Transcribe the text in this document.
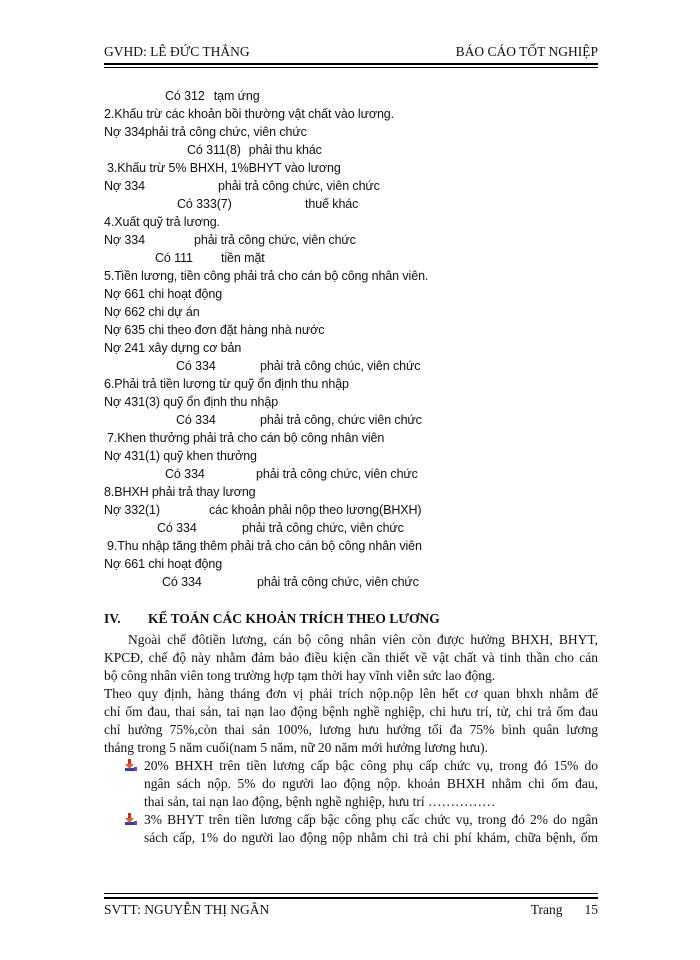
GVHD: LÊ ĐỨC THẮNG	BÁO CÁO TỐT NGHIỆP
Có 312 tạm ứng
2.Khấu trừ các khoản bồi thường vật chất vào lương.
Nợ 334phải trả công chức, viên chức
Có 311(8) phải thu khác
3.Khấu trừ 5% BHXH, 1%BHYT vào lương
Nợ 334	phải trả công chức, viên chức
Có 333(7)	thuế khác
4.Xuất quỹ trả lương.
Nợ 334	phải trả công chức, viên chức
Có 111 tiền mặt
5.Tiền lương, tiền công phải trả cho cán bộ công nhân viên.
Nợ 661 chi hoạt động
Nợ 662 chi dự án
Nợ 635 chi theo đơn đặt hàng nhà nước
Nợ 241 xây dựng cơ bản
Có 334	phải trả công chúc, viên chức
6.Phải trả tiền lương từ quỹ ổn định thu nhập
Nợ 431(3) quỹ ổn định thu nhập
Có 334	phải trả công, chức viên chức
7.Khen thưởng phải trả cho cán bộ công nhân viên
Nợ 431(1) quỹ khen thưởng
Có 334	phải trả công chức, viên chức
8.BHXH phải trả thay lương
Nợ 332(1)	các khoản phải nộp theo lương(BHXH)
Có 334	phải trả công chức, viên chức
9.Thu nhập tăng thêm phải trả cho cán bộ công nhân viên
Nợ 661 chi hoạt động
Có 334	phải trả công chức, viên chức

IV.

KẾ TOÁN CÁC KHOẢN TRÍCH THEO LƯƠNG

Ngoài chế đôtiền lương, cán bộ công nhân viên còn được hưởng BHXH, BHYT,
KPCĐ, chế độ này nhằm đảm bảo điều kiện cần thiết về vật chất và tinh thần cho cán
bộ công nhân viên tong trường hợp tạm thời hay vĩnh viễn sức lao động.
Theo quy định, hàng tháng đơn vị phải trích nộp.nộp lên hết cơ quan bhxh nhằm để
chỉ ốm đau, thai sản, tai nạn lao động bệnh nghề nghiệp, chi hưu trí, tử, chi trả ốm đau
chỉ hưởng 75%,còn thai sản 100%, lương hưu hưởng tối đa 75% bình quân lương
tháng trong 5 năm cuối(nam 5 năm, nữ 20 năm mới hưởng lương hưu).
20% BHXH trên tiền lương cấp bậc công phụ cấp chức vụ, trong đó 15% do
ngân sách nộp. 5% do người lao động nộp. khoản BHXH nhằm chi ốm đau,
thai sản, tai nạn lao động, bệnh nghề nghiệp, hưu trí ……………
3% BHYT trên tiền lương cấp bậc công phụ cấc chức vụ, trong đó 2% do ngân
sách cấp, 1% do người lao động nộp nhằm chi trả chi phí khám, chữa bệnh, ốm
SVTT: NGUYỄN THỊ NGÂN	Trang 15
